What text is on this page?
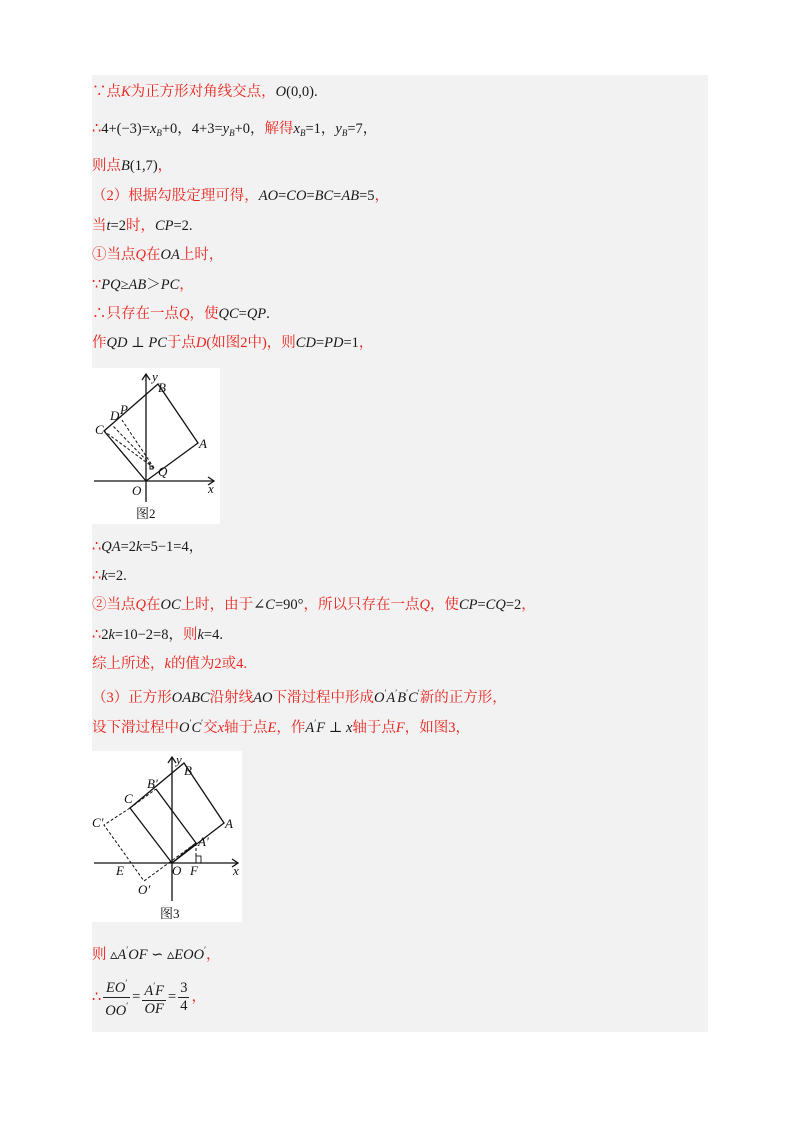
∵点K为正方形对角线交点，O(0,0).
$\therefore 4+(-3)=x_B+0$，$4+3=y_B+0$，解得$x_B=1$，$y_B=7$，
则点B(1,7)，
（2）根据勾股定理可得，AO=CO=BC=AB=5，
当t=2时，CP=2.
①当点Q在OA上时，
∵PQ≥AB＞PC，
∴只存在一点Q，使QC=QP.
作QD ⊥ PC于点D(如图2中)，则CD=PD=1，
∴QA=2k=5−1=4，
∴k=2.
②当点Q在OC上时，由于∠C=90°，所以只存在一点Q，使CP=CQ=2，
∴2k=10−2=8，则k=4.
综上所述，k的值为2或4.
（3）正方形OABC沿射线AO下滑过程中形成O′A′B′C′新的正方形，
设下滑过程中O′C′交x轴于点E，作A′F ⊥ x轴于点F，如图3，
则 ▵A′OF ∽ ▵EOO′，
∴ $\frac{EO'}{OO'} = \frac{A'F}{OF} = \frac{3}{4}$ ，
y
x
B
P
D
C
A
Q
O
图2
y
x
B
B′
C
C′	A
A′
E	O F
O′
图3
